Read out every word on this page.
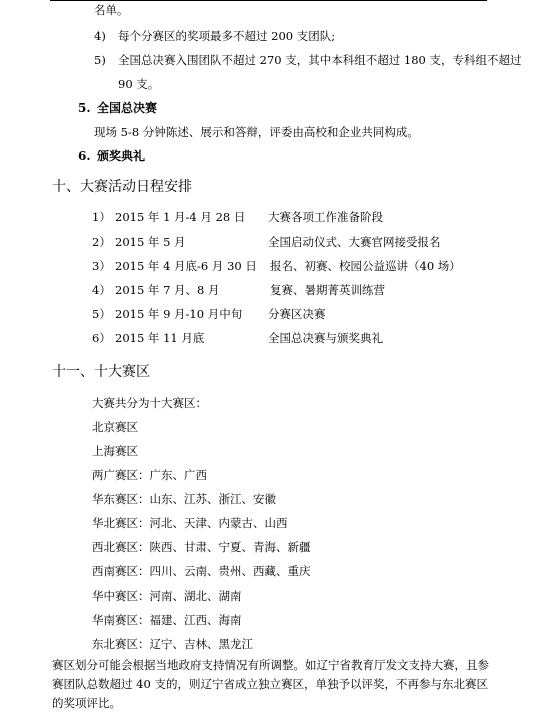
名单。
4) 每个分赛区的奖项最多不超过 200 支团队;
5) 全国总决赛入围团队不超过 270 支，其中本科组不超过 180 支，专科组不超过
90 支。
5. 全国总决赛
现场 5-8 分钟陈述、展示和答辩，评委由高校和企业共同构成。
6. 颁奖典礼
十、大赛活动日程安排
1） 2015 年 1 月-4 月 28 日 大赛各项工作准备阶段
2） 2015 年 5 月	全国启动仪式、大赛官网接受报名
3） 2015 年 4 月底-6 月 30 日 报名、初赛、校园公益巡讲（40 场）
4） 2015 年 7 月、8 月	复赛、暑期菁英训练营
5） 2015 年 9 月-10 月中旬 分赛区决赛
6） 2015 年 11 月底	全国总决赛与颁奖典礼
十一、十大赛区
大赛共分为十大赛区：
北京赛区
上海赛区
两广赛区：广东、广西
华东赛区：山东、江苏、浙江、安徽
华北赛区：河北、天津、内蒙古、山西
西北赛区：陕西、甘肃、宁夏、青海、新疆
西南赛区：四川、云南、贵州、西藏、重庆
华中赛区：河南、湖北、湖南
华南赛区：福建、江西、海南
东北赛区：辽宁、吉林、黑龙江
赛区划分可能会根据当地政府支持情况有所调整。如辽宁省教育厅发文支持大赛，且参赛团队总数超过 40 支的，则辽宁省成立独立赛区，单独予以评奖，不再参与东北赛区的奖项评比。
